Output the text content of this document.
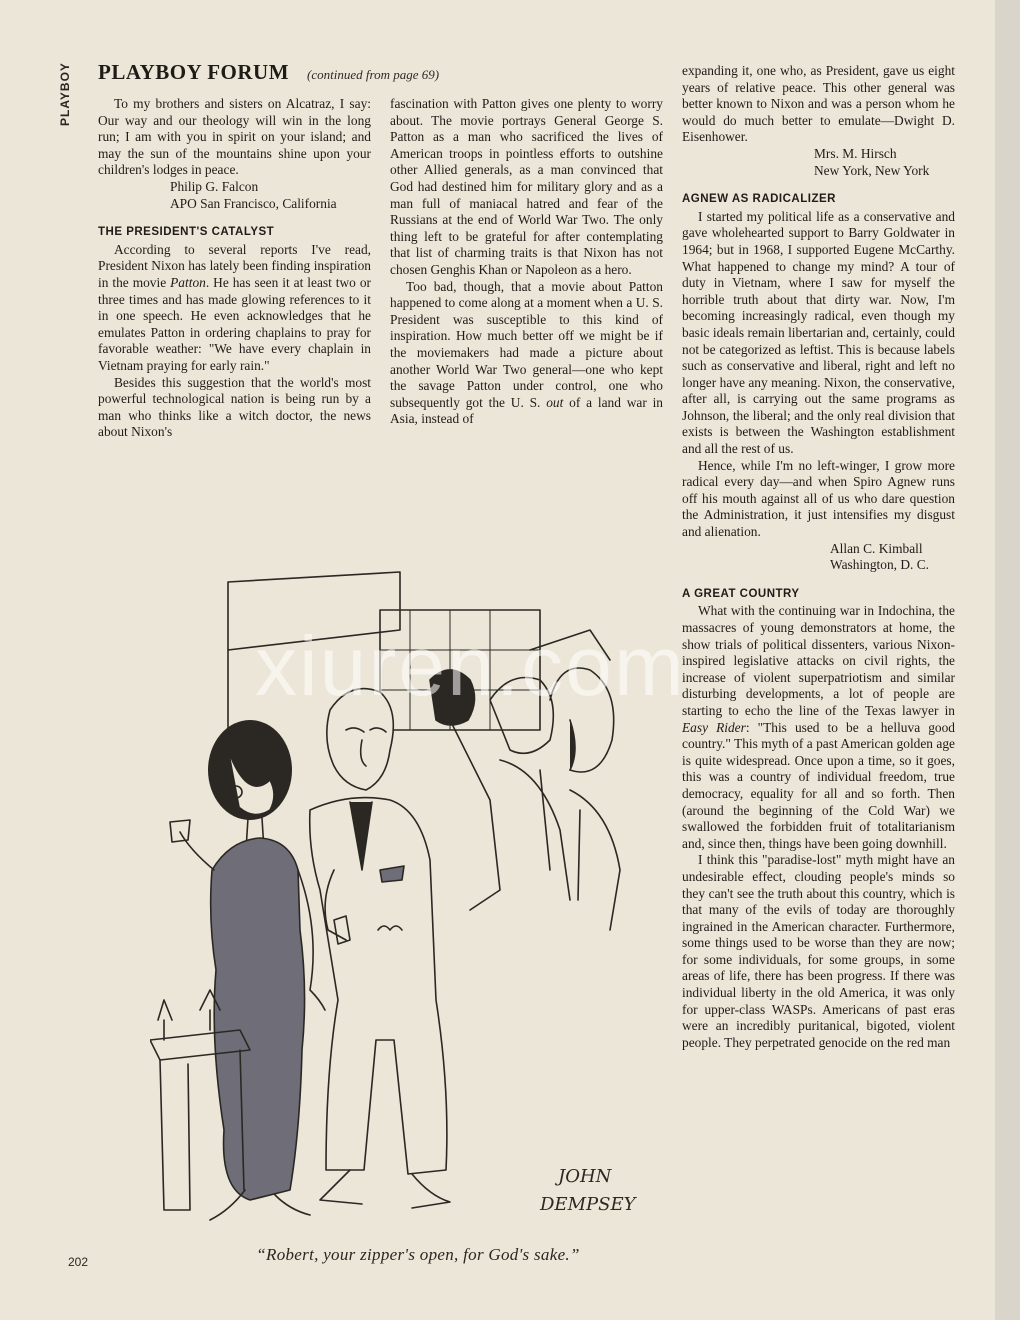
PLAYBOY	PLAYBOY FORUM (continued from page 69)

To my brothers and sisters on Alcatraz, I say: Our way and our theology will win in the long run; I am with you in spirit on your island; and may the sun of the mountains shine upon your children's lodges in peace.

Philip G. Falcon

APO San Francisco, California

THE PRESIDENT'S CATALYST

According to several reports I've read, President Nixon has lately been finding inspiration in the movie Patton. He has seen it at least two or three times and has made glowing references to it in one speech. He even acknowledges that he emulates Patton in ordering chaplains to pray for favorable weather: "We have every chaplain in Vietnam praying for early rain."

Besides this suggestion that the world's most powerful technological nation is being run by a man who thinks like a witch doctor, the news about Nixon's

fascination with Patton gives one plenty to worry about. The movie portrays General George S. Patton as a man who sacrificed the lives of American troops in pointless efforts to outshine other Allied generals, as a man convinced that God had destined him for military glory and as a man full of maniacal hatred and fear of the Russians at the end of World War Two. The only thing left to be grateful for after contemplating that list of charming traits is that Nixon has not chosen Genghis Khan or Napoleon as a hero.

Too bad, though, that a movie about Patton happened to come along at a moment when a U. S. President was susceptible to this kind of inspiration. How much better off we might be if the moviemakers had made a picture about another World War Two general—one who kept the savage Patton under control, one who subsequently got the U. S. out of a land war in Asia, instead of

expanding it, one who, as President, gave us eight years of relative peace. This other general was better known to Nixon and was a person whom he would do much better to emulate—Dwight D. Eisenhower.

Mrs. M. Hirsch

New York, New York

AGNEW AS RADICALIZER

I started my political life as a conservative and gave wholehearted support to Barry Goldwater in 1964; but in 1968, I supported Eugene McCarthy. What happened to change my mind? A tour of duty in Vietnam, where I saw for myself the horrible truth about that dirty war. Now, I'm becoming increasingly radical, even though my basic ideals remain libertarian and, certainly, could not be categorized as leftist. This is because labels such as conservative and liberal, right and left no longer have any meaning. Nixon, the conservative, after all, is carrying out the same programs as Johnson, the liberal; and the only real division that exists is between the Washington establishment and all the rest of us.

Hence, while I'm no left-winger, I grow more radical every day—and when Spiro Agnew runs off his mouth against all of us who dare question the Administration, it just intensifies my disgust and alienation.

Allan C. Kimball

Washington, D. C.

A GREAT COUNTRY

What with the continuing war in Indochina, the massacres of young demonstrators at home, the show trials of political dissenters, various Nixon-inspired legislative attacks on civil rights, the increase of violent superpatriotism and similar disturbing developments, a lot of people are starting to echo the line of the Texas lawyer in Easy Rider: "This used to be a helluva good country." This myth of a past American golden age is quite widespread. Once upon a time, so it goes, this was a country of individual freedom, true democracy, equality for all and so forth. Then (around the beginning of the Cold War) we swallowed the forbidden fruit of totalitarianism and, since then, things have been going downhill.

I think this "paradise-lost" myth might have an undesirable effect, clouding people's minds so they can't see the truth about this country, which is that many of the evils of today are thoroughly ingrained in the American character. Furthermore, some things used to be worse than they are now; for some individuals, for some groups, in some areas of life, there has been progress. If there was individual liberty in the old America, it was only for upper-class WASPs. Americans of past eras were an incredibly puritanical, bigoted, violent people. They perpetrated genocide on the red man

JOHN
DEMPSEY
“Robert, your zipper's open, for God's sake.”
xiuren.com
202
